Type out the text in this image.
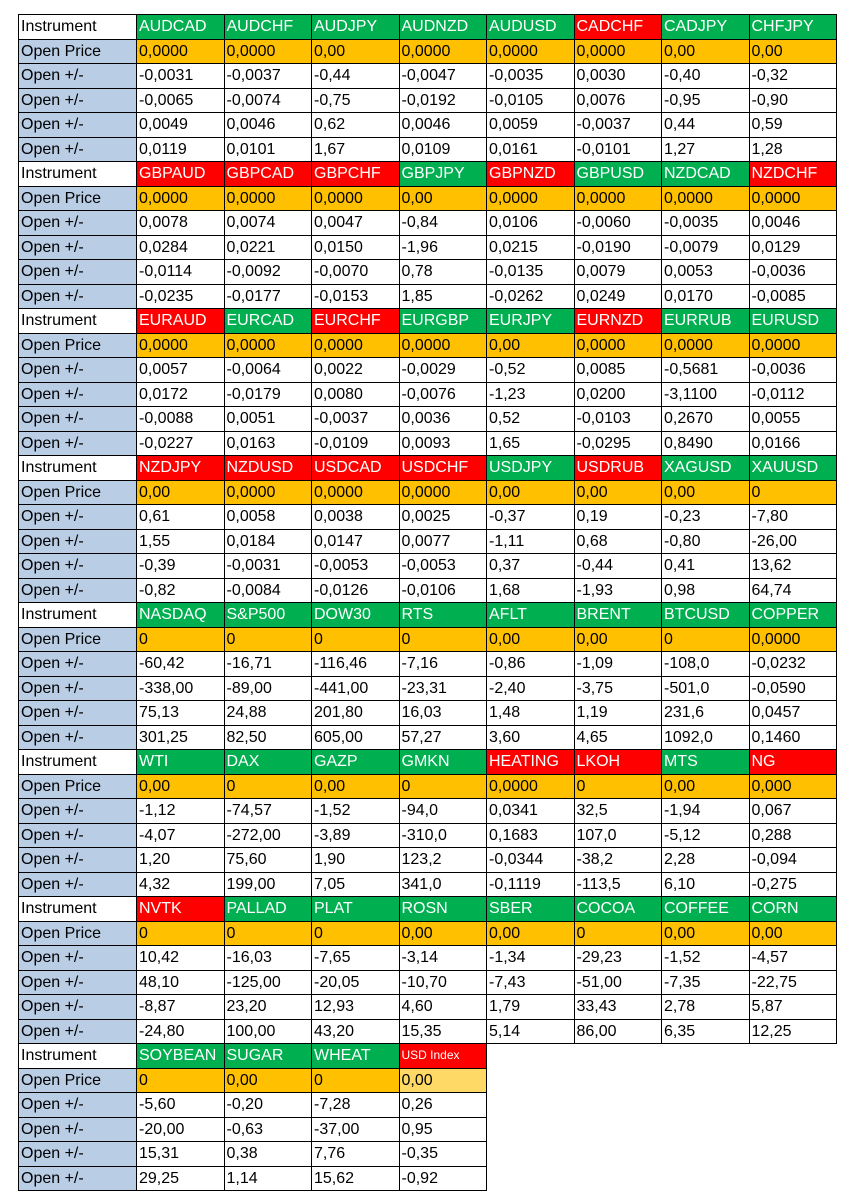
Instrument	AUDCAD	AUDCHF	AUDJPY	AUDNZD	AUDUSD	CADCHF	CADJPY	CHFJPY
Open Price	0,0000	0,0000	0,00	0,0000	0,0000	0,0000	0,00	0,00
Open +/-	-0,0031	-0,0037	-0,44	-0,0047	-0,0035	0,0030	-0,40	-0,32
Open +/-	-0,0065	-0,0074	-0,75	-0,0192	-0,0105	0,0076	-0,95	-0,90
Open +/-	0,0049	0,0046	0,62	0,0046	0,0059	-0,0037	0,44	0,59
Open +/-	0,0119	0,0101	1,67	0,0109	0,0161	-0,0101	1,27	1,28
Instrument	GBPAUD	GBPCAD	GBPCHF	GBPJPY	GBPNZD	GBPUSD	NZDCAD	NZDCHF
Open Price	0,0000	0,0000	0,0000	0,00	0,0000	0,0000	0,0000	0,0000
Open +/-	0,0078	0,0074	0,0047	-0,84	0,0106	-0,0060	-0,0035	0,0046
Open +/-	0,0284	0,0221	0,0150	-1,96	0,0215	-0,0190	-0,0079	0,0129
Open +/-	-0,0114	-0,0092	-0,0070	0,78	-0,0135	0,0079	0,0053	-0,0036
Open +/-	-0,0235	-0,0177	-0,0153	1,85	-0,0262	0,0249	0,0170	-0,0085
Instrument	EURAUD	EURCAD	EURCHF	EURGBP	EURJPY	EURNZD	EURRUB	EURUSD
Open Price	0,0000	0,0000	0,0000	0,0000	0,00	0,0000	0,0000	0,0000
Open +/-	0,0057	-0,0064	0,0022	-0,0029	-0,52	0,0085	-0,5681	-0,0036
Open +/-	0,0172	-0,0179	0,0080	-0,0076	-1,23	0,0200	-3,1100	-0,0112
Open +/-	-0,0088	0,0051	-0,0037	0,0036	0,52	-0,0103	0,2670	0,0055
Open +/-	-0,0227	0,0163	-0,0109	0,0093	1,65	-0,0295	0,8490	0,0166
Instrument	NZDJPY	NZDUSD	USDCAD	USDCHF	USDJPY	USDRUB	XAGUSD	XAUUSD
Open Price	0,00	0,0000	0,0000	0,0000	0,00	0,00	0,00	0
Open +/-	0,61	0,0058	0,0038	0,0025	-0,37	0,19	-0,23	-7,80
Open +/-	1,55	0,0184	0,0147	0,0077	-1,11	0,68	-0,80	-26,00
Open +/-	-0,39	-0,0031	-0,0053	-0,0053	0,37	-0,44	0,41	13,62
Open +/-	-0,82	-0,0084	-0,0126	-0,0106	1,68	-1,93	0,98	64,74
Instrument	NASDAQ	S&P500	DOW30	RTS	AFLT	BRENT	BTCUSD	COPPER
Open Price	0	0	0	0	0,00	0,00	0	0,0000
Open +/-	-60,42	-16,71	-116,46	-7,16	-0,86	-1,09	-108,0	-0,0232
Open +/-	-338,00	-89,00	-441,00	-23,31	-2,40	-3,75	-501,0	-0,0590
Open +/-	75,13	24,88	201,80	16,03	1,48	1,19	231,6	0,0457
Open +/-	301,25	82,50	605,00	57,27	3,60	4,65	1092,0	0,1460
Instrument	WTI	DAX	GAZP	GMKN	HEATING	LKOH	MTS	NG
Open Price	0,00	0	0,00	0	0,0000	0	0,00	0,000
Open +/-	-1,12	-74,57	-1,52	-94,0	0,0341	32,5	-1,94	0,067
Open +/-	-4,07	-272,00	-3,89	-310,0	0,1683	107,0	-5,12	0,288
Open +/-	1,20	75,60	1,90	123,2	-0,0344	-38,2	2,28	-0,094
Open +/-	4,32	199,00	7,05	341,0	-0,1119	-113,5	6,10	-0,275
Instrument	NVTK	PALLAD	PLAT	ROSN	SBER	COCOA	COFFEE	CORN
Open Price	0	0	0	0,00	0,00	0	0,00	0,00
Open +/-	10,42	-16,03	-7,65	-3,14	-1,34	-29,23	-1,52	-4,57
Open +/-	48,10	-125,00	-20,05	-10,70	-7,43	-51,00	-7,35	-22,75
Open +/-	-8,87	23,20	12,93	4,60	1,79	33,43	2,78	5,87
Open +/-	-24,80	100,00	43,20	15,35	5,14	86,00	6,35	12,25
Instrument	SOYBEAN	SUGAR	WHEAT	USD Index				
Open Price	0	0,00	0	0,00				
Open +/-	-5,60	-0,20	-7,28	0,26				
Open +/-	-20,00	-0,63	-37,00	0,95				
Open +/-	15,31	0,38	7,76	-0,35				
Open +/-	29,25	1,14	15,62	-0,92				
